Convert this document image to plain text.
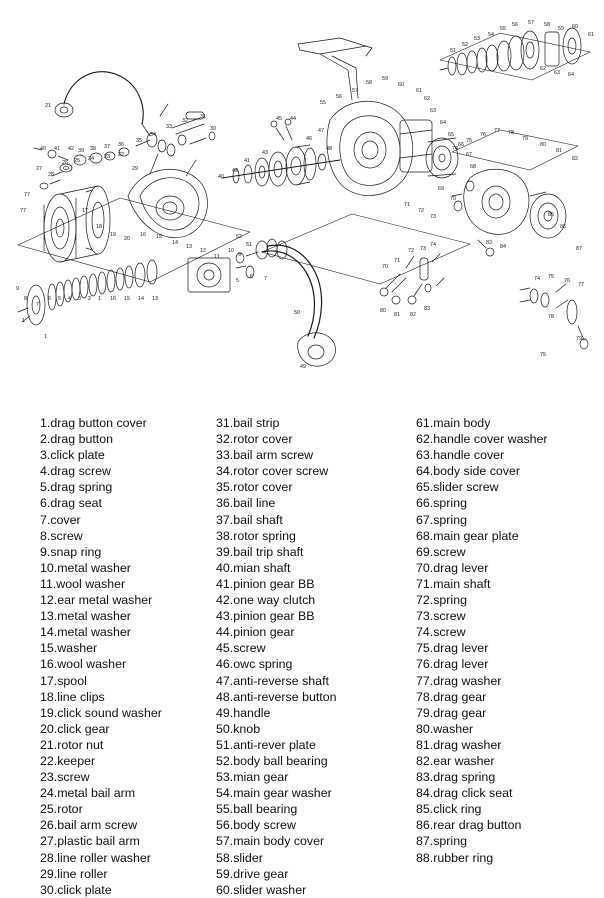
21
40 41 42 39 38 37 36
35
34
33
32
31
30
27
28
26 25 24 23 22
29
77
77	17
18
19
20
16 15
14
13
12
11
10
9
9
8
7
6 5 4 3 2 1 16 15 14 13
1
1
5
6 7
40
42
41
43
45 44
46
47
48
55
56
57
58
59
60
61
62
63
64
65
66
67
68
69
70
71
72
73
51
52
53
54
55
56 57 58
59 60
61
62
63 64
74
75
76
77 78
79
80
81
82
83
84
85
86
87
49
50
51
52
70
71
72 73
74
80
81 82
83
74 75
76
77
78
79
75
1.drag button cover
2.drag button
3.click plate
4.drag screw
5.drag spring
6.drag seat
7.cover
8.screw
9.snap ring
10.metal washer
11.wool washer
12.ear metal washer
13.metal washer
14.metal washer
15.washer
16.wool washer
17.spool
18.line clips
19.click sound washer
20.click gear
21.rotor nut
22.keeper
23.screw
24.metal bail arm
25.rotor
26.bail arm screw
27.plastic bail arm
28.line roller washer
29.line roller
30.click plate
31.bail strip
32.rotor cover
33.bail arm screw
34.rotor cover screw
35.rotor cover
36.bail line
37.bail shaft
38.rotor spring
39.bail trip shaft
40.mian shaft
41.pinion gear BB
42.one way clutch
43.pinion gear BB
44.pinion gear
45.screw
46.owc spring
47.anti-reverse shaft
48.anti-reverse button
49.handle
50.knob
51.anti-rever plate
52.body ball bearing
53.mian gear
54.main gear washer
55.ball bearing
56.body screw
57.main body cover
58.slider
59.drive gear
60.slider washer
61.main body
62.handle cover washer
63.handle cover
64.body side cover
65.slider screw
66.spring
67.spring
68.main gear plate
69.screw
70.drag lever
71.main shaft
72.spring
73.screw
74.screw
75.drag lever
76.drag lever
77.drag washer
78.drag gear
79.drag gear
80.washer
81.drag washer
82.ear washer
83.drag spring
84.drag click seat
85.click ring
86.rear drag button
87.spring
88.rubber ring
